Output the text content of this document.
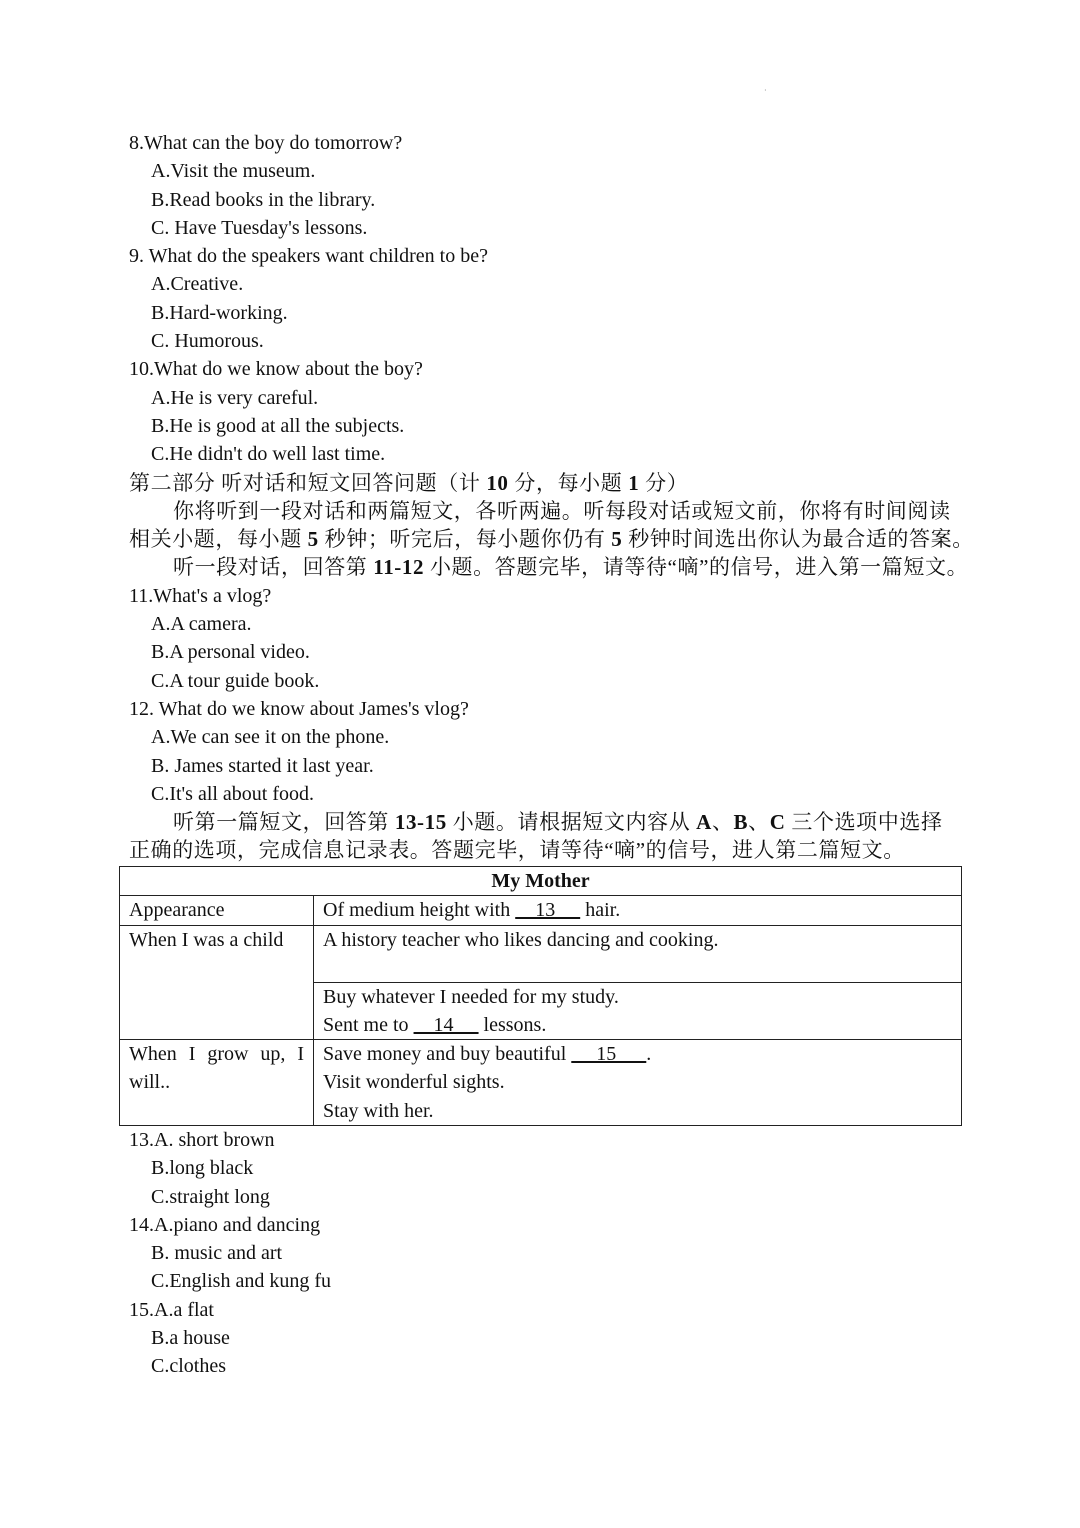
·
8.What can the boy do tomorrow?
A.Visit the museum.
B.Read books in the library.
C. Have Tuesday's lessons.
9. What do the speakers want children to be?
A.Creative.
B.Hard-working.
C. Humorous.
10.What do we know about the boy?
A.He is very careful.
B.He is good at all the subjects.
C.He didn't do well last time.
第二部分 听对话和短文回答问题（计 10 分，每小题 1 分）
你将听到一段对话和两篇短文，各听两遍。听每段对话或短文前，你将有时间阅读
相关小题，每小题 5 秒钟；听完后，每小题你仍有 5 秒钟时间选出你认为最合适的答案。
听一段对话，回答第 11-12 小题。答题完毕，请等待“嘀”的信号，进入第一篇短文。
11.What's a vlog?
A.A camera.
B.A personal video.
C.A tour guide book.
12. What do we know about James's vlog?
A.We can see it on the phone.
B. James started it last year.
C.It's all about food.
听第一篇短文，回答第 13-15 小题。请根据短文内容从 A、B、C 三个选项中选择
正确的选项，完成信息记录表。答题完毕，请等待“嘀”的信号，进人第二篇短文。
My Mother	
Appearance	Of medium height with     13      hair.
When I was a child	A history teacher who likes dancing and cooking.

	Buy whatever I needed for my study.
Sent me to     14      lessons.

When I grow up, I will..	Save money and buy beautiful      15      .
Visit wonderful sights.
Stay with her.
13.A. short brown
B.long black
C.straight long
14.A.piano and dancing
B. music and art
C.English and kung fu
15.A.a flat
B.a house
C.clothes
